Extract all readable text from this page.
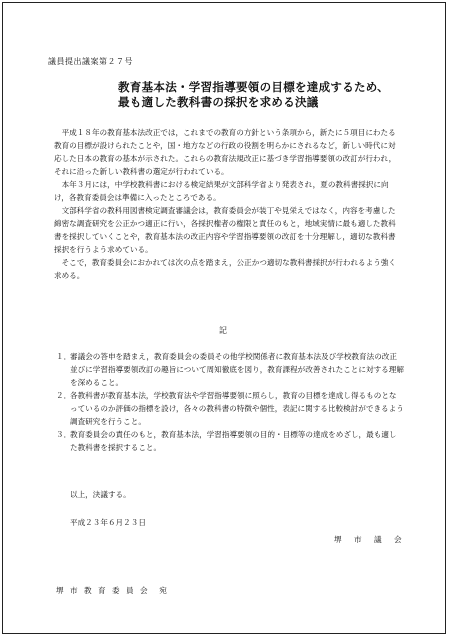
議員提出議案第２７号
教育基本法・学習指導要領の目標を達成するため、
最も適した教科書の採択を求める決議

平成１８年の教育基本法改正では，これまでの教育の方針という条項から，新たに５項目にわたる教育の目標が設けられたことや，国・地方などの行政の役割を明らかにされるなど，新しい時代に対応した日本の教育の基本が示された。これらの教育法規改正に基づき学習指導要領の改訂が行われ，それに沿った新しい教科書の選定が行われている。

本年３月には，中学校教科書における検定結果が文部科学省より発表され，夏の教科書採択に向け，各教育委員会は準備に入ったところである。

文部科学省の教科用図書検定調査審議会は，教育委員会が装丁や見栄えではなく，内容を考慮した綿密な調査研究を公正かつ適正に行い，各採択権者の権限と責任のもと，地域実情に最も適した教科書を採択していくことや，教育基本法の改正内容や学習指導要領の改訂を十分理解し，適切な教科書採択を行うよう求めている。

そこで，教育委員会におかれては次の点を踏まえ，公正かつ適切な教科書採択が行われるよう強く求める。

記
１．
審議会の答申を踏まえ，教育委員会の委員その他学校関係者に教育基本法及び学校教育法の改正並びに学習指導要領改訂の趣旨について周知徹底を図り，教育課程が改善されたことに対する理解を深めること。
２．
各教科書が教育基本法，学校教育法や学習指導要領に照らし，教育の目標を達成し得るものとなっているのか評価の指標を設け，各々の教科書の特徴や個性，表記に関する比較検討ができるよう調査研究を行うこと。
３．
教育委員会の責任のもと，教育基本法，学習指導要領の目的・目標等の達成をめざし，最も適した教科書を採択すること。
以上，決議する。
平成２３年６月２３日
堺 市 議 会
堺 市 教 育 委 員 会　宛
